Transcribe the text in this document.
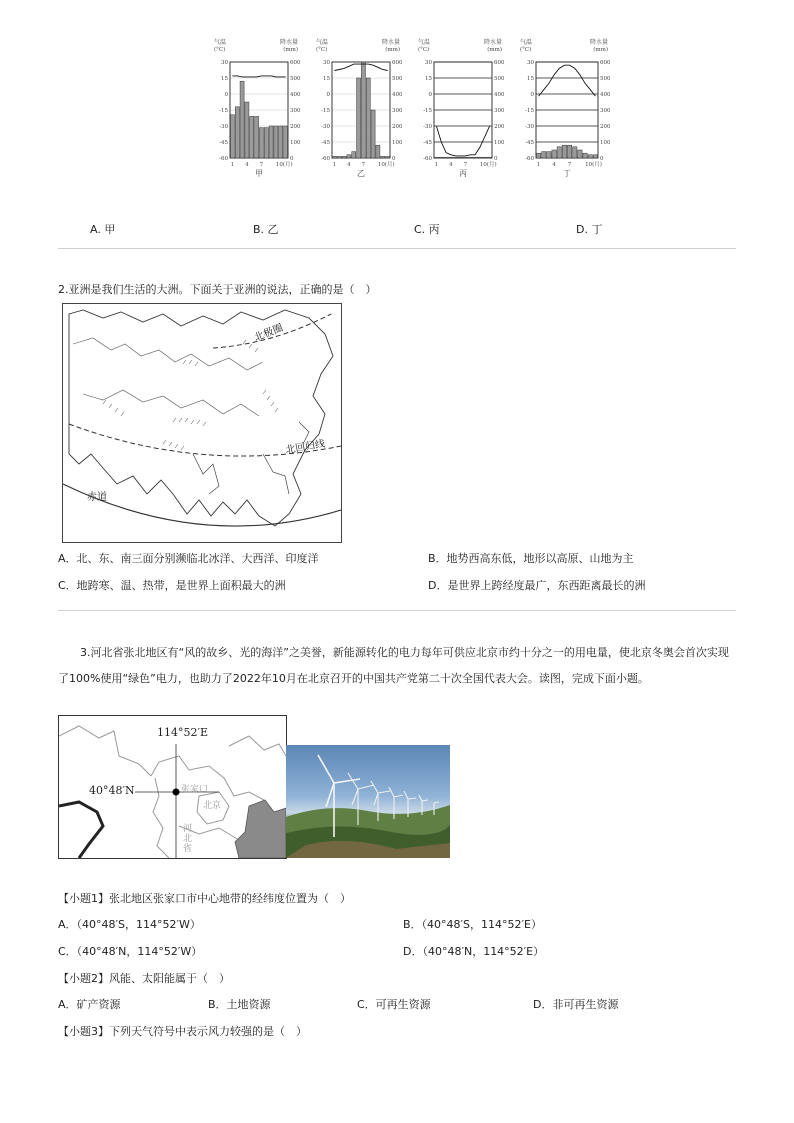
气温
(°C)
降水量
(mm)
30	600
15	500
0	400
-15	300
-30	200
-45	100
-60	0
1 4 7 10(月)
甲
气温
(°C)
降水量
(mm)
30	600
15	500
0	400
-15	300
-30	200
-45	100
-60	0
1 4 7 10(月)
乙
气温
(°C)
降水量
(mm)
30	600
15	500
0	400
-15	300
-30	200
-45	100
-60	0
1 4 7 10(月)
丙
气温
(°C)
降水量
(mm)
30	600
15	500
0	400
-15	300
-30	200
-45	100
-60	0
1 4 7	10(月)
丁
A. 甲	B. 乙	C. 丙	D. 丁
2.亚洲是我们生活的大洲。下面关于亚洲的说法，正确的是（　）
北极圈
北回归线
赤道
A．北、东、南三面分别濒临北冰洋、大西洋、印度洋	B．地势西高东低，地形以高原、山地为主
C．地跨寒、温、热带，是世界上面积最大的洲	D．是世界上跨经度最广，东西距离最长的洲
3.河北省张北地区有“风的故乡、光的海洋”之美誉，新能源转化的电力每年可供应北京市约十分之一的用电量，使北京冬奥会首次实现了100%使用“绿色”电力，也助力了2022年10月在北京召开的中国共产党第二十次全国代表大会。读图，完成下面小题。
114°52′E
40°48′N	张家口
北京
河北省
【小题1】张北地区张家口市中心地带的经纬度位置为（　）
A．（40°48′S，114°52′W）	B．（40°48′S，114°52′E）
C．（40°48′N，114°52′W）	D．（40°48′N，114°52′E）
【小题2】风能、太阳能属于（　）
A．矿产资源	B．土地资源	C．可再生资源	D．非可再生资源
【小题3】下列天气符号中表示风力较强的是（　）
